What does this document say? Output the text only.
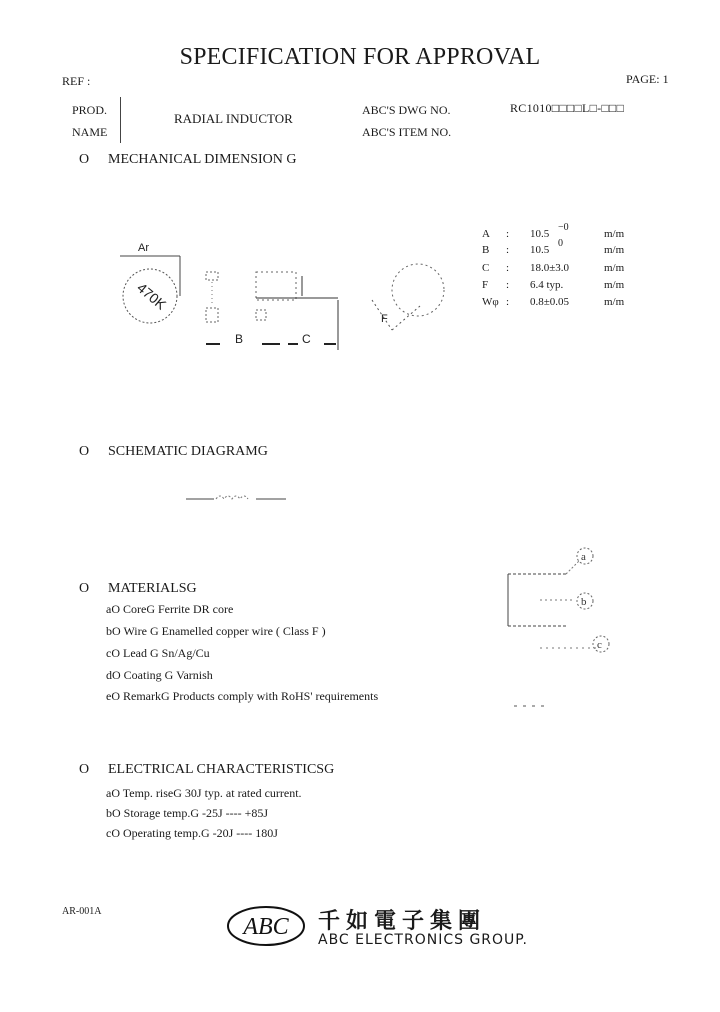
SPECIFICATION FOR APPROVAL
REF :	PAGE: 1
PROD.
NAME
RADIAL INDUCTOR
ABC'S DWG NO.	RC1010□□□□L□-□□□
ABC'S ITEM NO.
O MECHANICAL DIMENSION G
Ar
470K
B	C
F
A : 10.5	m/m
−0
B : 10.5	m/m
0
C : 18.0±3.0	m/m
F : 6.4 typ.	m/m
Wφ : 0.8±0.05	m/m
O SCHEMATIC DIAGRAMG
O MATERIALSG
aO CoreG Ferrite DR core
bO Wire G Enamelled copper wire ( Class F )
cO Lead G Sn/Ag/Cu
dO Coating G Varnish
eO RemarkG Products comply with RoHS' requirements
a
b
c
O ELECTRICAL CHARACTERISTICSG
aO Temp. riseG 30J typ. at rated current.
bO Storage temp.G -25J ---- +85J
cO Operating temp.G -20J ---- 180J
AR-001A
ABC 千如電子集團
ABC ELECTRONICS GROUP.
